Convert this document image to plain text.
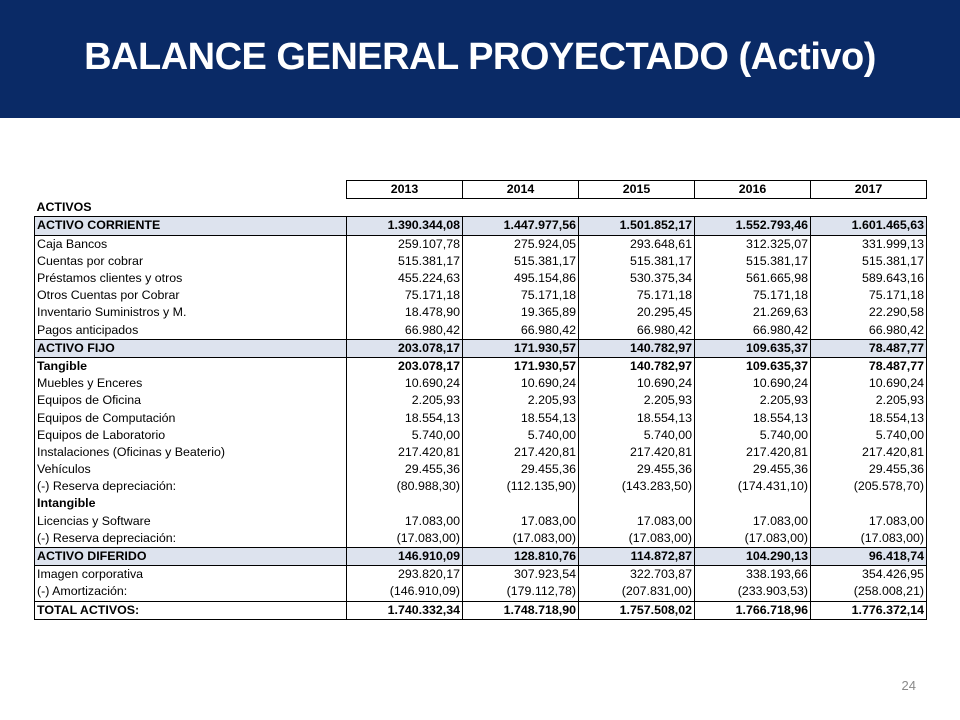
BALANCE GENERAL PROYECTADO (Activo)
	2013	2014	2015	2016	2017
ACTIVOS					
ACTIVO CORRIENTE	1.390.344,08	1.447.977,56	1.501.852,17	1.552.793,46	1.601.465,63
Caja Bancos	259.107,78	275.924,05	293.648,61	312.325,07	331.999,13
Cuentas por cobrar	515.381,17	515.381,17	515.381,17	515.381,17	515.381,17
Préstamos clientes y otros	455.224,63	495.154,86	530.375,34	561.665,98	589.643,16
Otros Cuentas por Cobrar	75.171,18	75.171,18	75.171,18	75.171,18	75.171,18
Inventario Suministros y M.	18.478,90	19.365,89	20.295,45	21.269,63	22.290,58
Pagos anticipados	66.980,42	66.980,42	66.980,42	66.980,42	66.980,42
ACTIVO FIJO	203.078,17	171.930,57	140.782,97	109.635,37	78.487,77
Tangible	203.078,17	171.930,57	140.782,97	109.635,37	78.487,77
Muebles y Enceres	10.690,24	10.690,24	10.690,24	10.690,24	10.690,24
Equipos de Oficina	2.205,93	2.205,93	2.205,93	2.205,93	2.205,93
Equipos de Computación	18.554,13	18.554,13	18.554,13	18.554,13	18.554,13
Equipos de Laboratorio	5.740,00	5.740,00	5.740,00	5.740,00	5.740,00
Instalaciones (Oficinas y Beaterio)	217.420,81	217.420,81	217.420,81	217.420,81	217.420,81
Vehículos	29.455,36	29.455,36	29.455,36	29.455,36	29.455,36
(-) Reserva depreciación:	(80.988,30)	(112.135,90)	(143.283,50)	(174.431,10)	(205.578,70)
Intangible					
Licencias y Software	17.083,00	17.083,00	17.083,00	17.083,00	17.083,00
(-) Reserva depreciación:	(17.083,00)	(17.083,00)	(17.083,00)	(17.083,00)	(17.083,00)
ACTIVO DIFERIDO	146.910,09	128.810,76	114.872,87	104.290,13	96.418,74
Imagen corporativa	293.820,17	307.923,54	322.703,87	338.193,66	354.426,95
(-) Amortización:	(146.910,09)	(179.112,78)	(207.831,00)	(233.903,53)	(258.008,21)
TOTAL ACTIVOS:	1.740.332,34	1.748.718,90	1.757.508,02	1.766.718,96	1.776.372,14
24
